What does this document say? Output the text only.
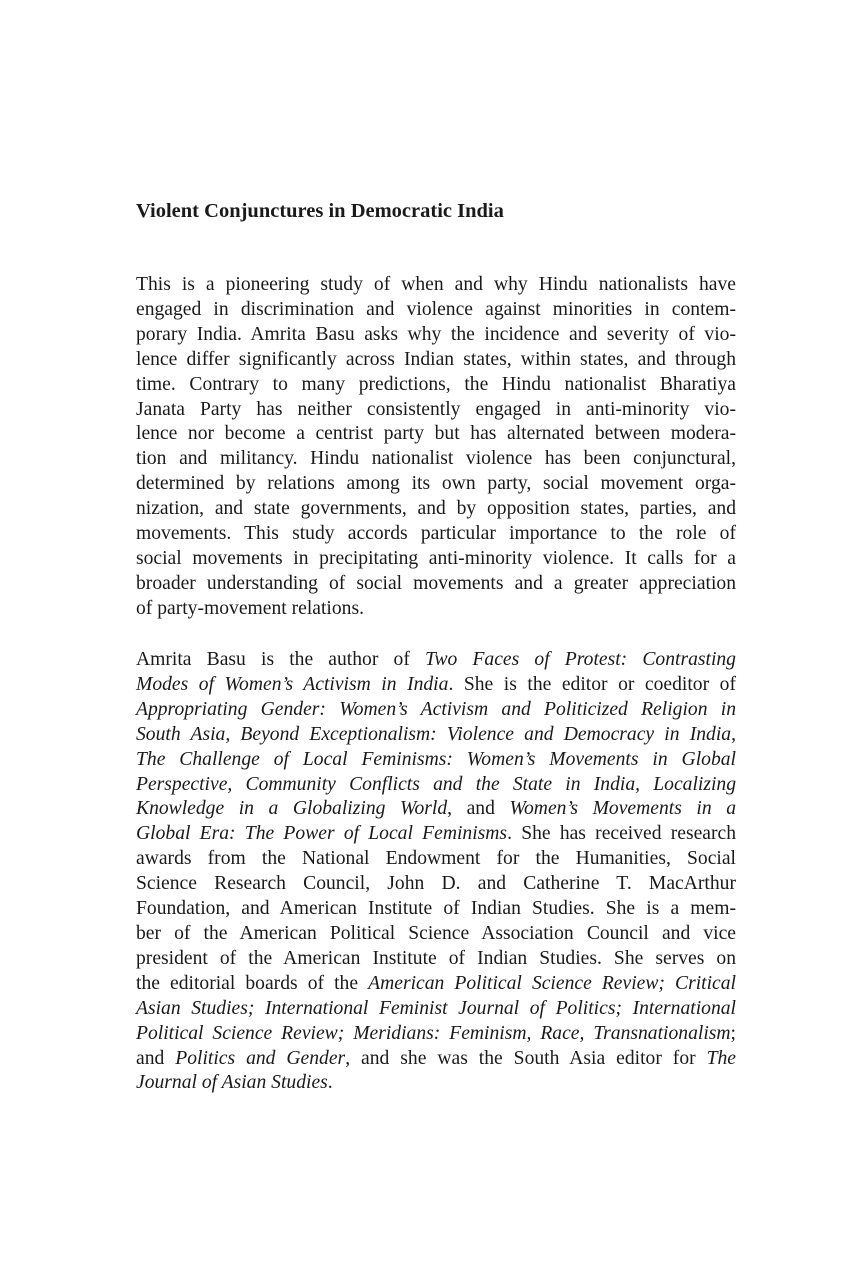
Violent Conjunctures in Democratic India
This is a pioneering study of when and why Hindu nationalists have
engaged in discrimination and violence against minorities in contem-
porary India. Amrita Basu asks why the incidence and severity of vio-
lence differ significantly across Indian states, within states, and through
time. Contrary to many predictions, the Hindu nationalist Bharatiya
Janata Party has neither consistently engaged in anti-minority vio-
lence nor become a centrist party but has alternated between modera-
tion and militancy. Hindu nationalist violence has been conjunctural,
determined by relations among its own party, social movement orga-
nization, and state governments, and by opposition states, parties, and
movements. This study accords particular importance to the role of
social movements in precipitating anti-minority violence. It calls for a
broader understanding of social movements and a greater appreciation
of party-movement relations.
Amrita Basu is the author of Two Faces of Protest: Contrasting
Modes of Women’s Activism in India. She is the editor or coeditor of
Appropriating Gender: Women’s Activism and Politicized Religion in
South Asia, Beyond Exceptionalism: Violence and Democracy in India,
The Challenge of Local Feminisms: Women’s Movements in Global
Perspective, Community Conflicts and the State in India, Localizing
Knowledge in a Globalizing World, and Women’s Movements in a
Global Era: The Power of Local Feminisms. She has received research
awards from the National Endowment for the Humanities, Social
Science Research Council, John D. and Catherine T. MacArthur
Foundation, and American Institute of Indian Studies. She is a mem-
ber of the American Political Science Association Council and vice
president of the American Institute of Indian Studies. She serves on
the editorial boards of the American Political Science Review; Critical
Asian Studies; International Feminist Journal of Politics; International
Political Science Review; Meridians: Feminism, Race, Transnationalism;
and Politics and Gender, and she was the South Asia editor for The
Journal of Asian Studies.
